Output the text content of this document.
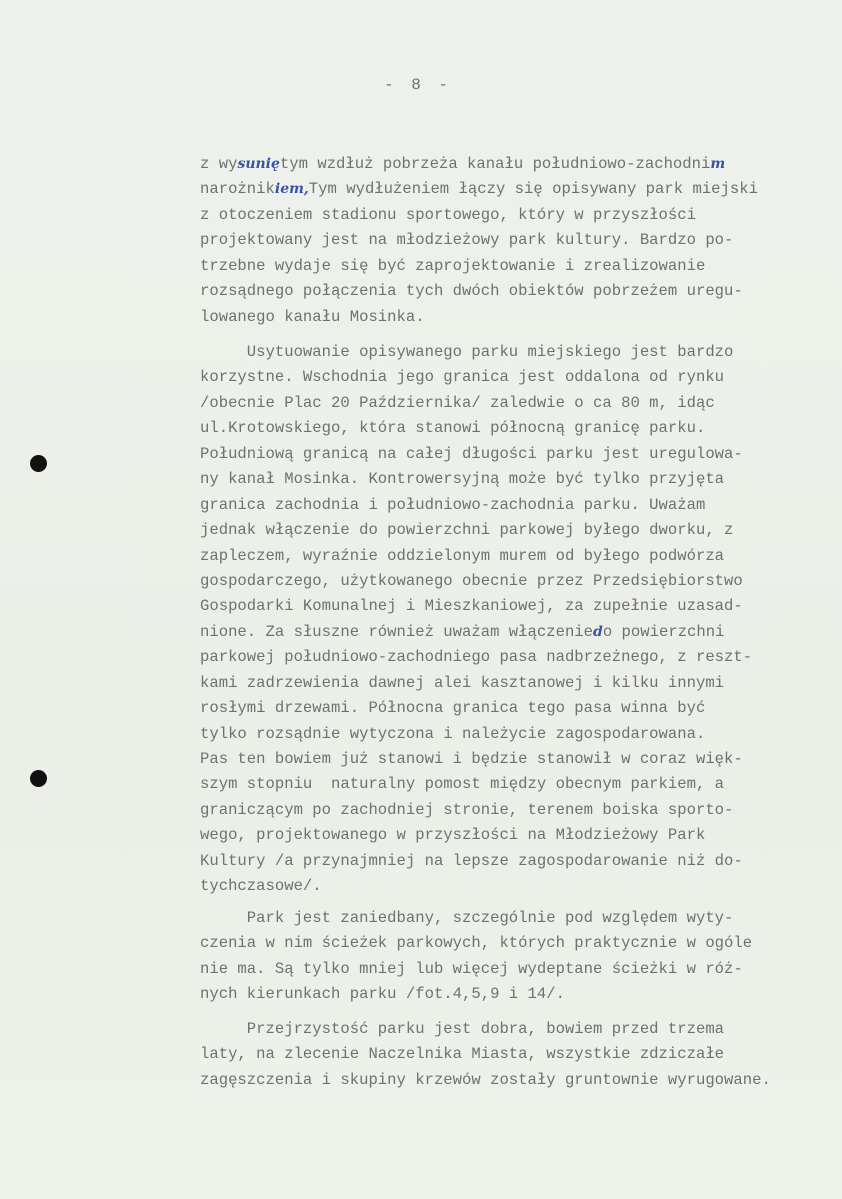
- 8 -
z wysuniętym wzdłuż pobrzeża kanału południowo-zachodnim
narożnikiem,Tym wydłużeniem łączy się opisywany park miejski
z otoczeniem stadionu sportowego, który w przyszłości
projektowany jest na młodzieżowy park kultury. Bardzo po-
trzebne wydaje się być zaprojektowanie i zrealizowanie
rozsądnego połączenia tych dwóch obiektów pobrzeżem uregu-
lowanego kanału Mosinka.
Usytuowanie opisywanego parku miejskiego jest bardzo
korzystne. Wschodnia jego granica jest oddalona od rynku
/obecnie Plac 20 Października/ zaledwie o ca 80 m, idąc
ul.Krotowskiego, która stanowi północną granicę parku.
Południową granicą na całej długości parku jest uregulowa-
ny kanał Mosinka. Kontrowersyjną może być tylko przyjęta
granica zachodnia i południowo-zachodnia parku. Uważam
jednak włączenie do powierzchni parkowej byłego dworku, z
zapleczem, wyraźnie oddzielonym murem od byłego podwórza
gospodarczego, użytkowanego obecnie przez Przedsiębiorstwo
Gospodarki Komunalnej i Mieszkaniowej, za zupełnie uzasad-
nione. Za słuszne również uważam włączeniedo powierzchni
parkowej południowo-zachodniego pasa nadbrzeżnego, z reszt-
kami zadrzewienia dawnej alei kasztanowej i kilku innymi
rosłymi drzewami. Północna granica tego pasa winna być
tylko rozsądnie wytyczona i należycie zagospodarowana.
Pas ten bowiem już stanowi i będzie stanowił w coraz więk-
szym stopniu  naturalny pomost między obecnym parkiem, a
graniczącym po zachodniej stronie, terenem boiska sporto-
wego, projektowanego w przyszłości na Młodzieżowy Park
Kultury /a przynajmniej na lepsze zagospodarowanie niż do-
tychczasowe/.
Park jest zaniedbany, szczególnie pod względem wyty-
czenia w nim ścieżek parkowych, których praktycznie w ogóle
nie ma. Są tylko mniej lub więcej wydeptane ścieżki w róż-
nych kierunkach parku /fot.4,5,9 i 14/.
Przejrzystość parku jest dobra, bowiem przed trzema
laty, na zlecenie Naczelnika Miasta, wszystkie zdziczałe
zagęszczenia i skupiny krzewów zostały gruntownie wyrugowane.
